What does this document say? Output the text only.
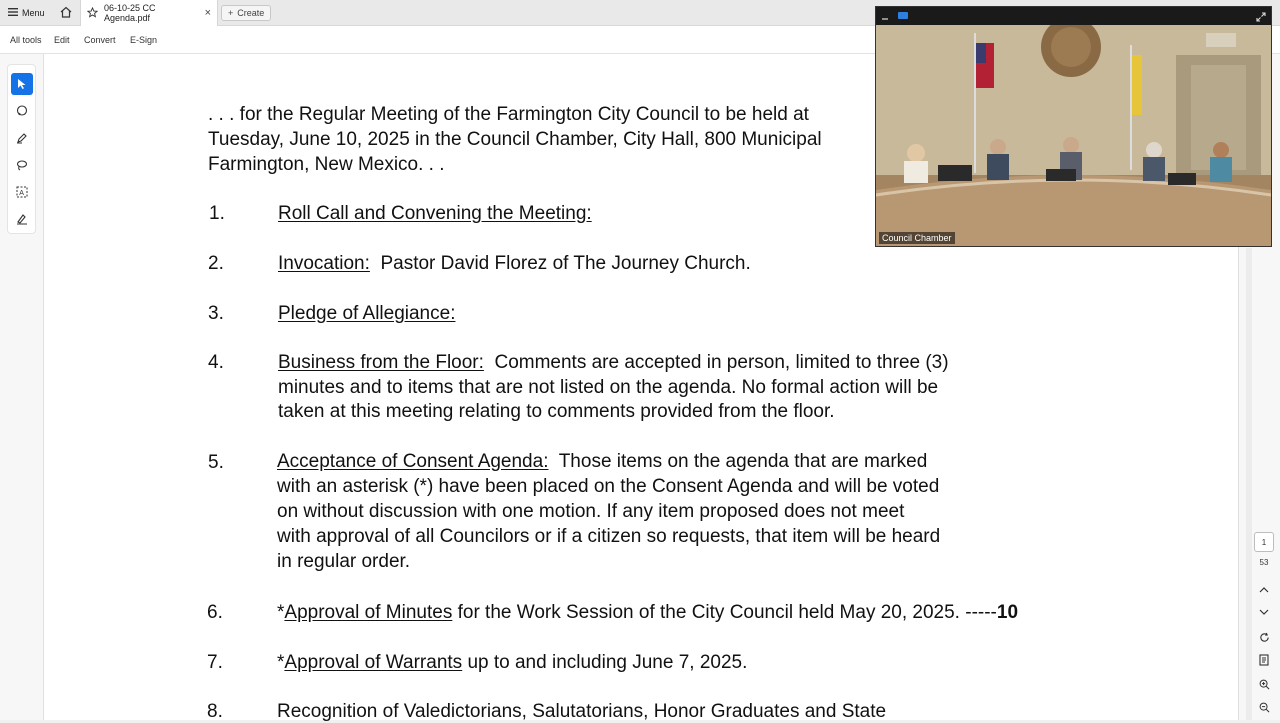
Menu	06-10-25 CC Agenda.pdf	× + Create
All tools Edit Convert E-Sign
A
. . . for the Regular Meeting of the Farmington City Council to be held at
Tuesday, June 10, 2025 in the Council Chamber, City Hall, 800 Municipal
Farmington, New Mexico. . .
1.	Roll Call and Convening the Meeting:
2.	Invocation:  Pastor David Florez of The Journey Church.
3.	Pledge of Allegiance:
4.	Business from the Floor:  Comments are accepted in person, limited to three (3)
minutes and to items that are not listed on the agenda. No formal action will be
taken at this meeting relating to comments provided from the floor.
5.	Acceptance of Consent Agenda:  Those items on the agenda that are marked
with an asterisk (*) have been placed on the Consent Agenda and will be voted
on without discussion with one motion. If any item proposed does not meet
with approval of all Councilors or if a citizen so requests, that item will be heard
in regular order.
6.	*Approval of Minutes for the Work Session of the City Council held May 20, 2025. -----10
7.	*Approval of Warrants up to and including June 7, 2025.
8.	Recognition of Valedictorians, Salutatorians, Honor Graduates and State
1
53
Council Chamber
